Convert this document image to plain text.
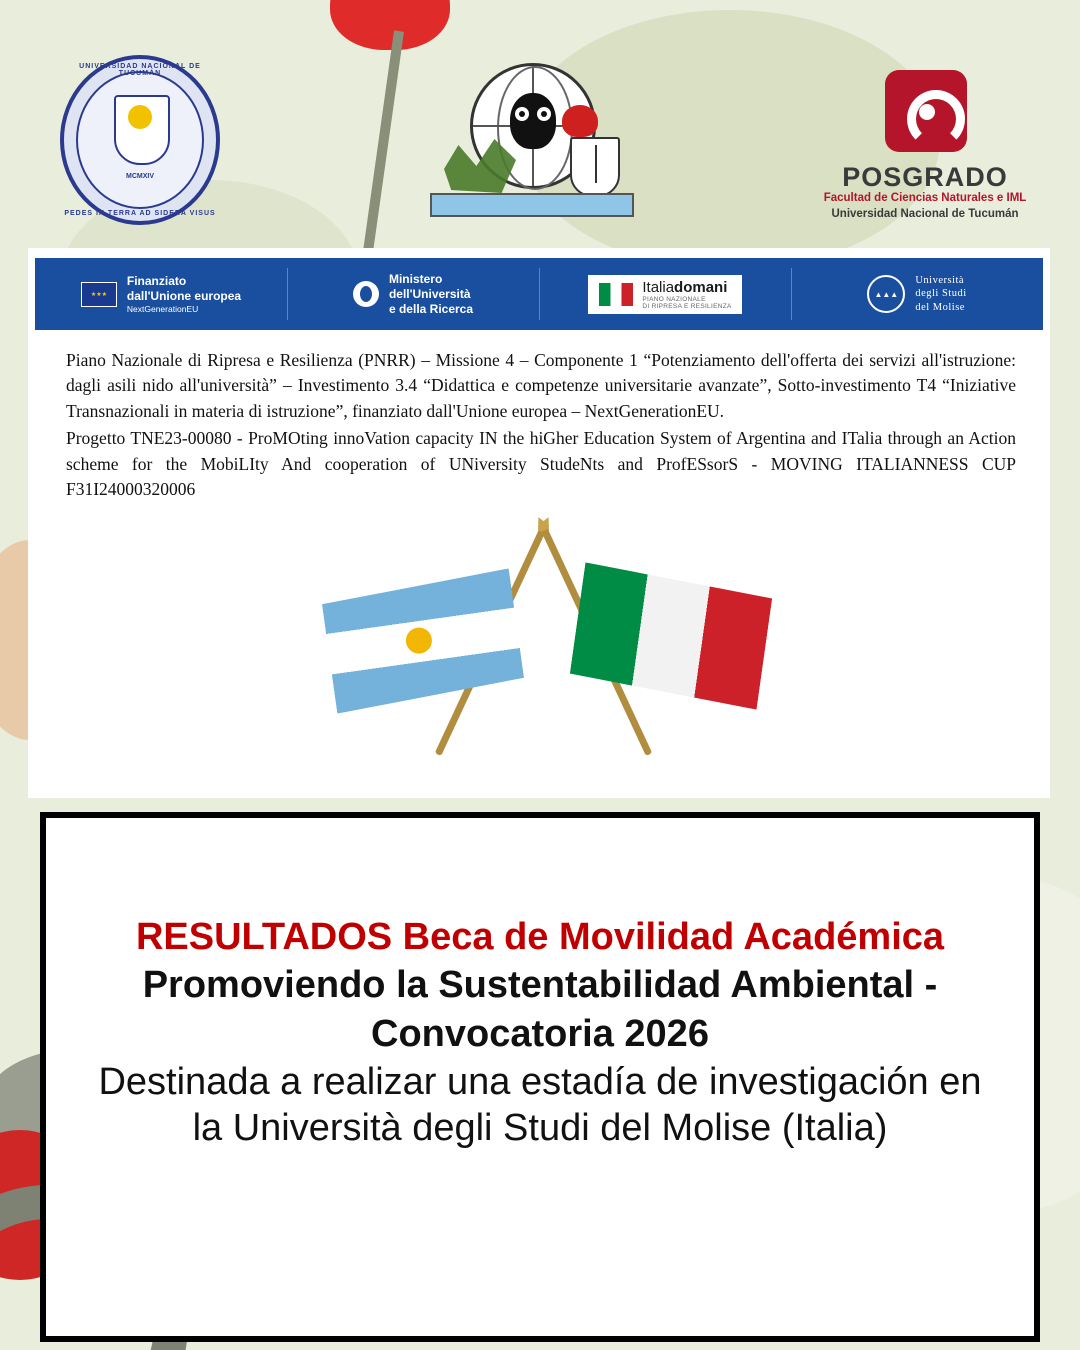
UNIVERSIDAD NACIONAL DE TUCUMÁN
MCMXIV
PEDES IN TERRA AD SIDERA VISUS
POSGRADO
Facultad de Ciencias Naturales e IML
Universidad Nacional de Tucumán
★★★
Finanziato
dall'Unione europea
NextGenerationEU
Ministero
dell'Università
e della Ricerca
Italiadomani
PIANO NAZIONALE
DI RIPRESA E RESILIENZA
▲▲▲
Università
degli Studi
del Molise

Piano Nazionale di Ripresa e Resilienza (PNRR) – Missione 4 – Componente 1 “Potenziamento dell'offerta dei servizi all'istruzione: dagli asili nido all'università” – Investimento 3.4 “Didattica e competenze universitarie avanzate”, Sotto-investimento T4 “Iniziative Transnazionali in materia di istruzione”, finanziato dall'Unione europea – NextGenerationEU.

Progetto TNE23-00080 - ProMOting innoVation capacity IN the hiGher Education System of Argentina and ITalia through an Action scheme for the MobiLIty And cooperation of UNiversity StudeNts and ProfESsorS - MOVING ITALIANNESS CUP F31I24000320006

RESULTADOS Beca de Movilidad Académica
Promoviendo la Sustentabilidad Ambiental -
Convocatoria 2026
Destinada a realizar una estadía de investigación en
la Università degli Studi del Molise (Italia)
